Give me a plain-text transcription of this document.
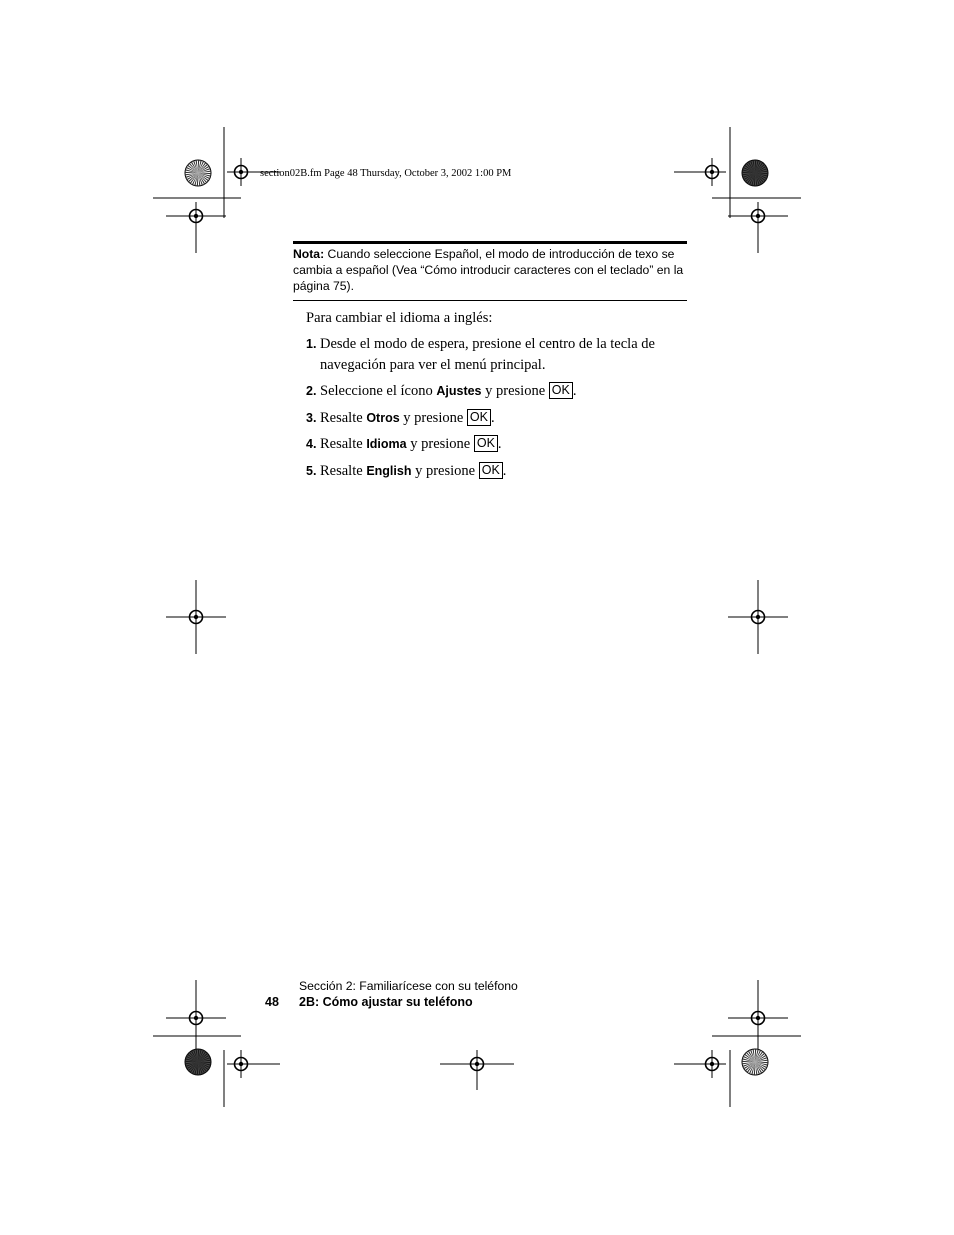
section02B.fm Page 48 Thursday, October 3, 2002 1:00 PM
Nota: Cuando seleccione Español, el modo de introducción de texo se cambia a español (Vea “Cómo introducir caracteres con el teclado” en la página 75).
Para cambiar el idioma a inglés:
1. Desde el modo de espera, presione el centro de la tecla de navegación para ver el menú principal.
2. Seleccione el ícono Ajustes y presione OK .
3. Resalte Otros y presione OK .
4. Resalte Idioma y presione OK .
5. Resalte English y presione OK .
Sección 2: Familiarícese con su teléfono
48 2B: Cómo ajustar su teléfono
